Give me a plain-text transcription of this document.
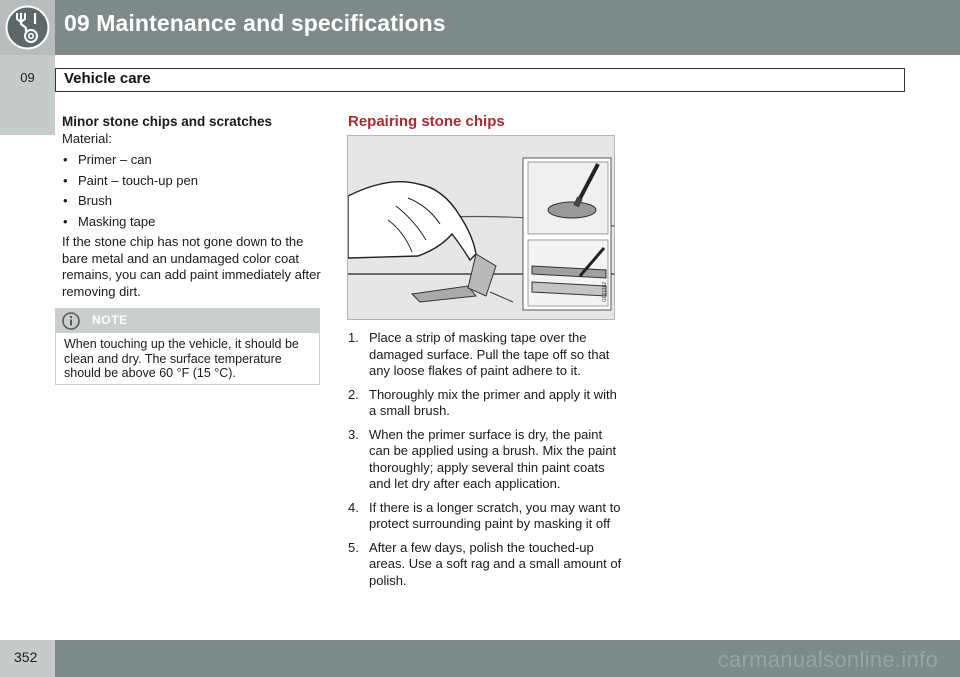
09 Maintenance and specifications
09	Vehicle care

Minor stone chips and scratches

Material:

• Primer – can
• Paint – touch-up pen
• Brush
• Masking tape

If the stone chip has not gone down to the bare metal and an undamaged color coat remains, you can add paint immediately after removing dirt.

NOTE
When touching up the vehicle, it should be clean and dry. The surface temperature should be above 60 °F (15 °C).
Repairing stone chips
G021152
1. Place a strip of masking tape over the damaged surface. Pull the tape off so that any loose flakes of paint adhere to it.
2. Thoroughly mix the primer and apply it with a small brush.
3. When the primer surface is dry, the paint can be applied using a brush. Mix the paint thoroughly; apply several thin paint coats and let dry after each application.
4. If there is a longer scratch, you may want to protect surrounding paint by masking it off
5. After a few days, polish the touched-up areas. Use a soft rag and a small amount of polish.
352	carmanualsonline.info
